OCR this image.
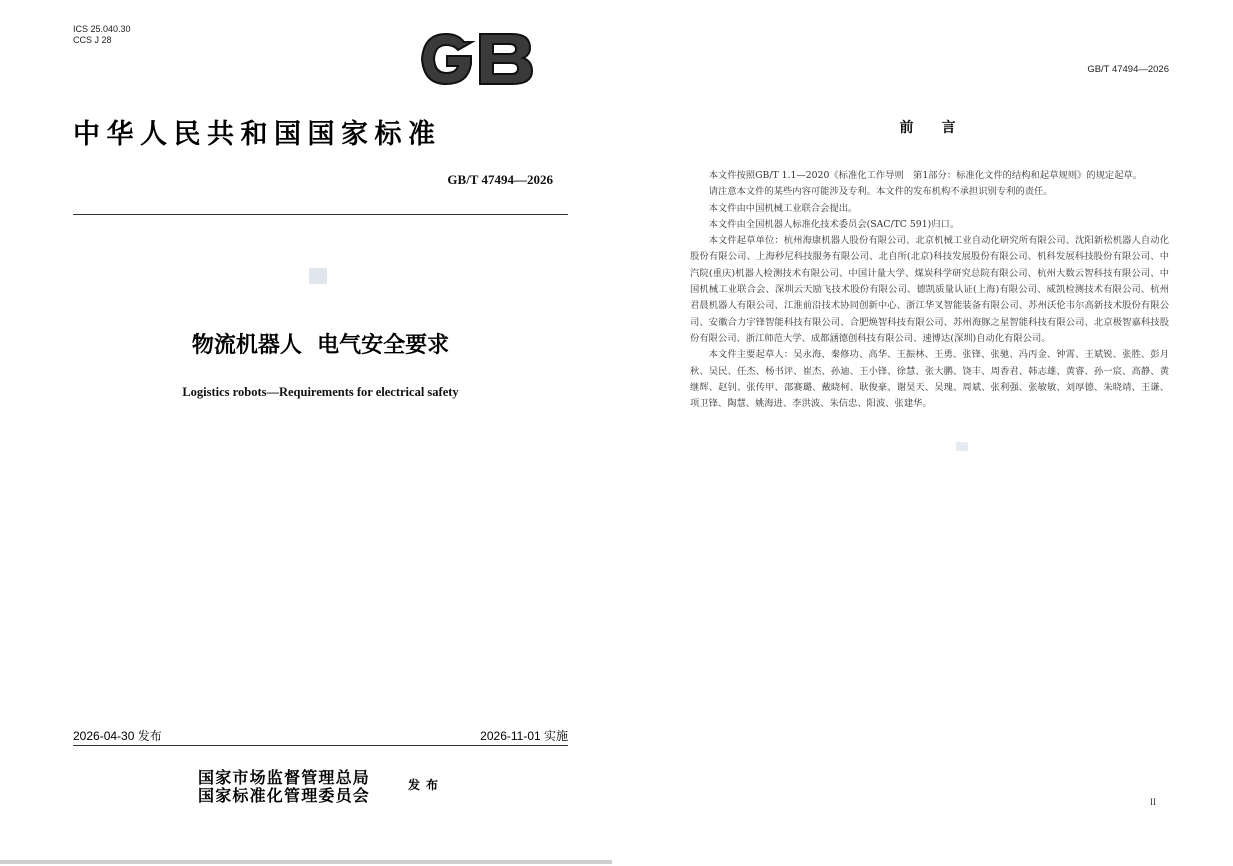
ICS 25.040.30
CCS J 28
中华人民共和国国家标准
GB/T 47494—2026
物流机器人  电气安全要求
Logistics robots—Requirements for electrical safety
2026-04-30 发布	2026-11-01 实施
国家市场监督管理总局
国家标准化管理委员会
发布
GB/T 47494—2026
前言

本文件按照GB/T 1.1—2020《标准化工作导则　第1部分：标准化文件的结构和起草规则》的规定起草。

请注意本文件的某些内容可能涉及专利。本文件的发布机构不承担识别专利的责任。

本文件由中国机械工业联合会提出。

本文件由全国机器人标准化技术委员会(SAC/TC 591)归口。

本文件起草单位：杭州海康机器人股份有限公司、北京机械工业自动化研究所有限公司、沈阳新松机器人自动化股份有限公司、上海秒尼科技服务有限公司、北自所(北京)科技发展股份有限公司、机科发展科技股份有限公司、中汽院(重庆)机器人检测技术有限公司、中国计量大学、煤炭科学研究总院有限公司、杭州大数云智科技有限公司、中国机械工业联合会、深圳云天励飞技术股份有限公司、德凯质量认证(上海)有限公司、威凯检测技术有限公司、杭州君晨机器人有限公司、江淮前沿技术协同创新中心、浙江华叉智能装备有限公司、苏州沃伦韦尔高新技术股份有限公司、安徽合力宇锋智能科技有限公司、合肥焕智科技有限公司、苏州海豚之星智能科技有限公司、北京极智嘉科技股份有限公司、浙江师范大学、成都涵德创科技有限公司、速博达(深圳)自动化有限公司。

本文件主要起草人：吴永海、秦修功、高华、王振林、王勇、张锋、张驰、冯丙金、钟霄、王斌锐、张胜、彭月秋、吴民、任杰、杨书评、崔杰、孙迪、王小锋、徐慧、张大鹏、饶丰、周香君、韩志雄、黄睿、孙一宸、高静、黄继辉、赵钊、张传甲、邵赛璐、戴晓柯、耿俊豪、谢昊天、吴瑰、周斌、张利强、张敏敏、刘厚德、朱晓靖、王谦、项卫锋、陶慧、姚海进、李洪波、朱信忠、阳波、张建华。

II
